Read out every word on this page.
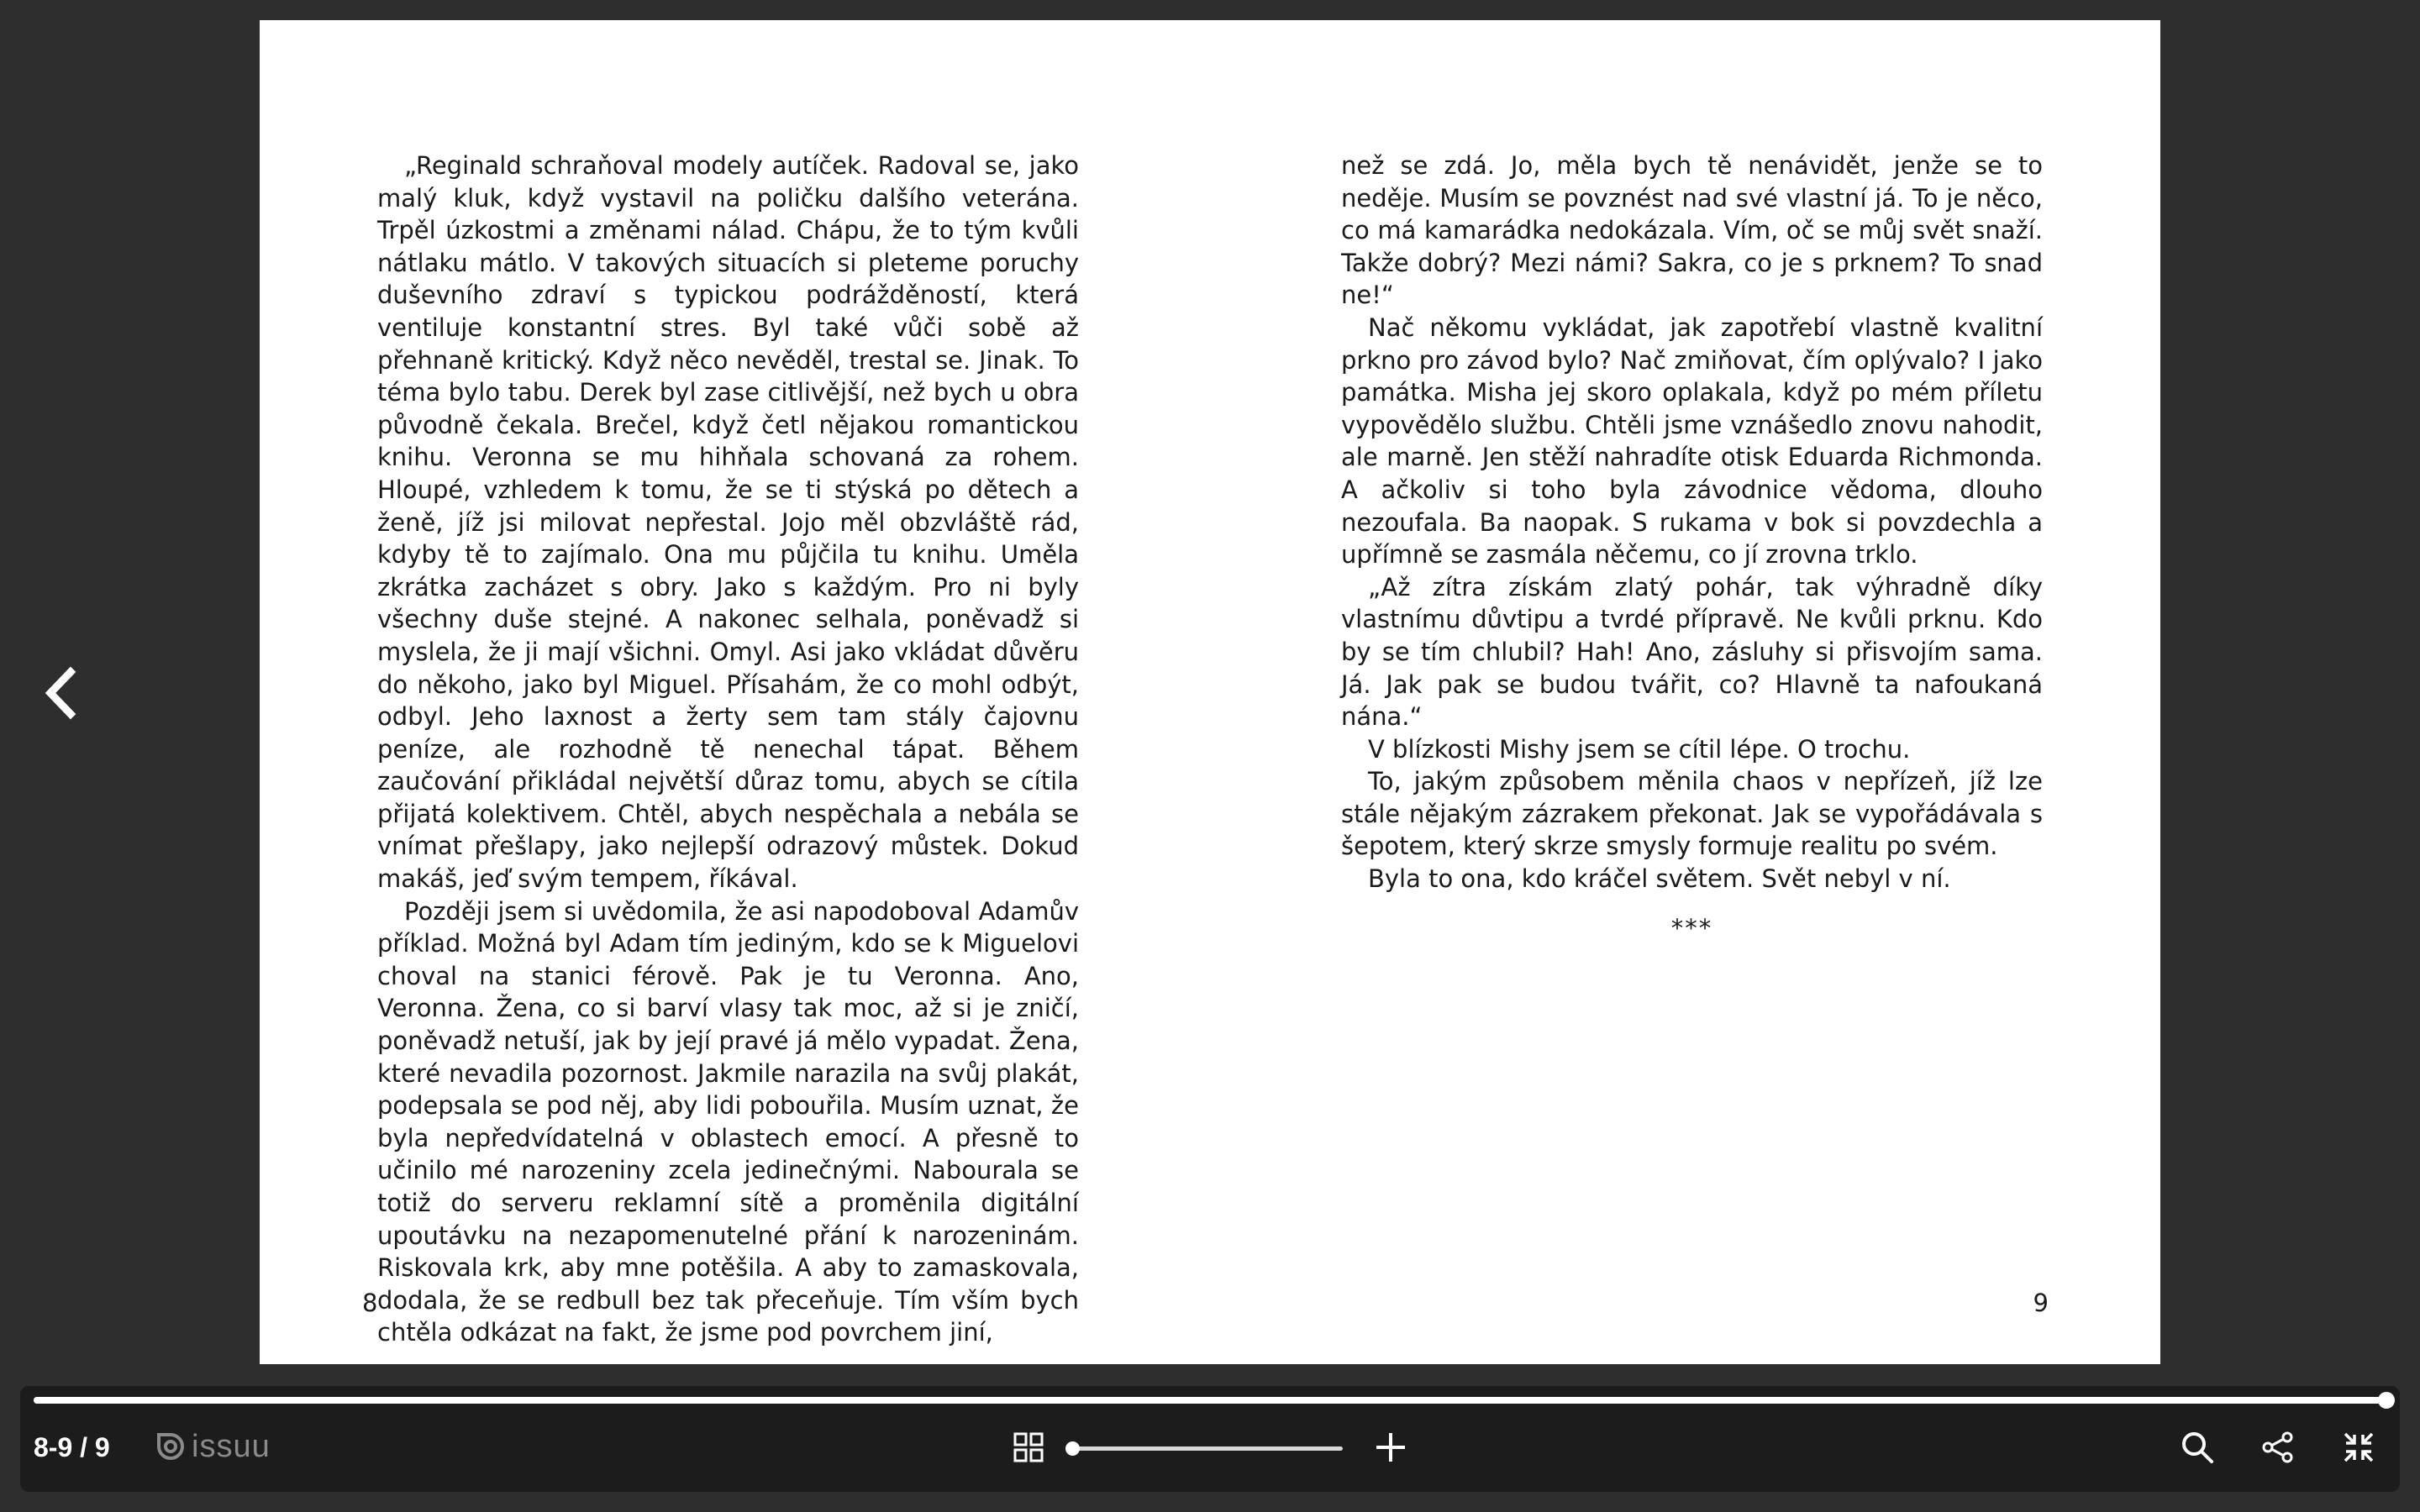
„Reginald schraňoval modely autíček. Radoval se, jako malý kluk, když vystavil na poličku dalšího veterána. Trpěl úzkostmi a změnami nálad. Chápu, že to tým kvůli nátlaku mátlo. V takových situacích si pleteme poruchy duševního zdraví s typickou podrážděností, která ventiluje konstantní stres. Byl také vůči sobě až přehnaně kritický. Když něco nevěděl, trestal se. Jinak. To téma bylo tabu. Derek byl zase citlivější, než bych u obra původně čekala. Brečel, když četl nějakou romantickou knihu. Veronna se mu hihňala schovaná za rohem. Hloupé, vzhledem k tomu, že se ti stýská po dětech a ženě, jíž jsi milovat nepřestal. Jojo měl obzvláště rád, kdyby tě to zajímalo. Ona mu půjčila tu knihu. Uměla zkrátka zacházet s obry. Jako s každým. Pro ni byly všechny duše stejné. A nakonec selhala, poněvadž si myslela, že ji mají všichni. Omyl. Asi jako vkládat důvěru do někoho, jako byl Miguel. Přísahám, že co mohl odbýt, odbyl. Jeho laxnost a žerty sem tam stály čajovnu peníze, ale rozhodně tě nenechal tápat. Během zaučování přikládal největší důraz tomu, abych se cítila přijatá kolektivem. Chtěl, abych nespěchala a nebála se vnímat přešlapy, jako nejlepší odrazový můstek. Dokud makáš, jeď svým tempem, říkával.

Později jsem si uvědomila, že asi napodoboval Adamův příklad. Možná byl Adam tím jediným, kdo se k Miguelovi choval na stanici férově. Pak je tu Veronna. Ano, Veronna. Žena, co si barví vlasy tak moc, až si je zničí, poněvadž netuší, jak by její pravé já mělo vypadat. Žena, které nevadila pozornost. Jakmile narazila na svůj plakát, podepsala se pod něj, aby lidi pobouřila. Musím uznat, že byla nepředvídatelná v oblastech emocí. A přesně to učinilo mé narozeniny zcela jedinečnými. Nabourala se totiž do serveru reklamní sítě a proměnila digitální upoutávku na nezapomenutelné přání k narozeninám. Riskovala krk, aby mne potěšila. A aby to zamaskovala, dodala, že se redbull bez tak přeceňuje. Tím vším bych chtěla odkázat na fakt, že jsme pod povrchem jiní,

8

než se zdá. Jo, měla bych tě nenávidět, jenže se to neděje. Musím se povznést nad své vlastní já. To je něco, co má kamarádka nedokázala. Vím, oč se můj svět snaží. Takže dobrý? Mezi námi? Sakra, co je s prknem? To snad ne!“

Nač někomu vykládat, jak zapotřebí vlastně kvalitní prkno pro závod bylo? Nač zmiňovat, čím oplývalo? I jako památka. Misha jej skoro oplakala, když po mém příletu vypovědělo službu. Chtěli jsme vznášedlo znovu nahodit, ale marně. Jen stěží nahradíte otisk Eduarda Richmonda. A ačkoliv si toho byla závodnice vědoma, dlouho nezoufala. Ba naopak. S rukama v bok si povzdechla a upřímně se zasmála něčemu, co jí zrovna trklo.

„Až zítra získám zlatý pohár, tak výhradně díky vlastnímu důvtipu a tvrdé přípravě. Ne kvůli prknu. Kdo by se tím chlubil? Hah! Ano, zásluhy si přisvojím sama. Já. Jak pak se budou tvářit, co? Hlavně ta nafoukaná nána.“

V blízkosti Mishy jsem se cítil lépe. O trochu.

To, jakým způsobem měnila chaos v nepřízeň, jíž lze stále nějakým zázrakem překonat. Jak se vypořádávala s šepotem, který skrze smysly formuje realitu po svém.

Byla to ona, kdo kráčel světem. Svět nebyl v ní.

***

9
8-9 / 9	issuu
